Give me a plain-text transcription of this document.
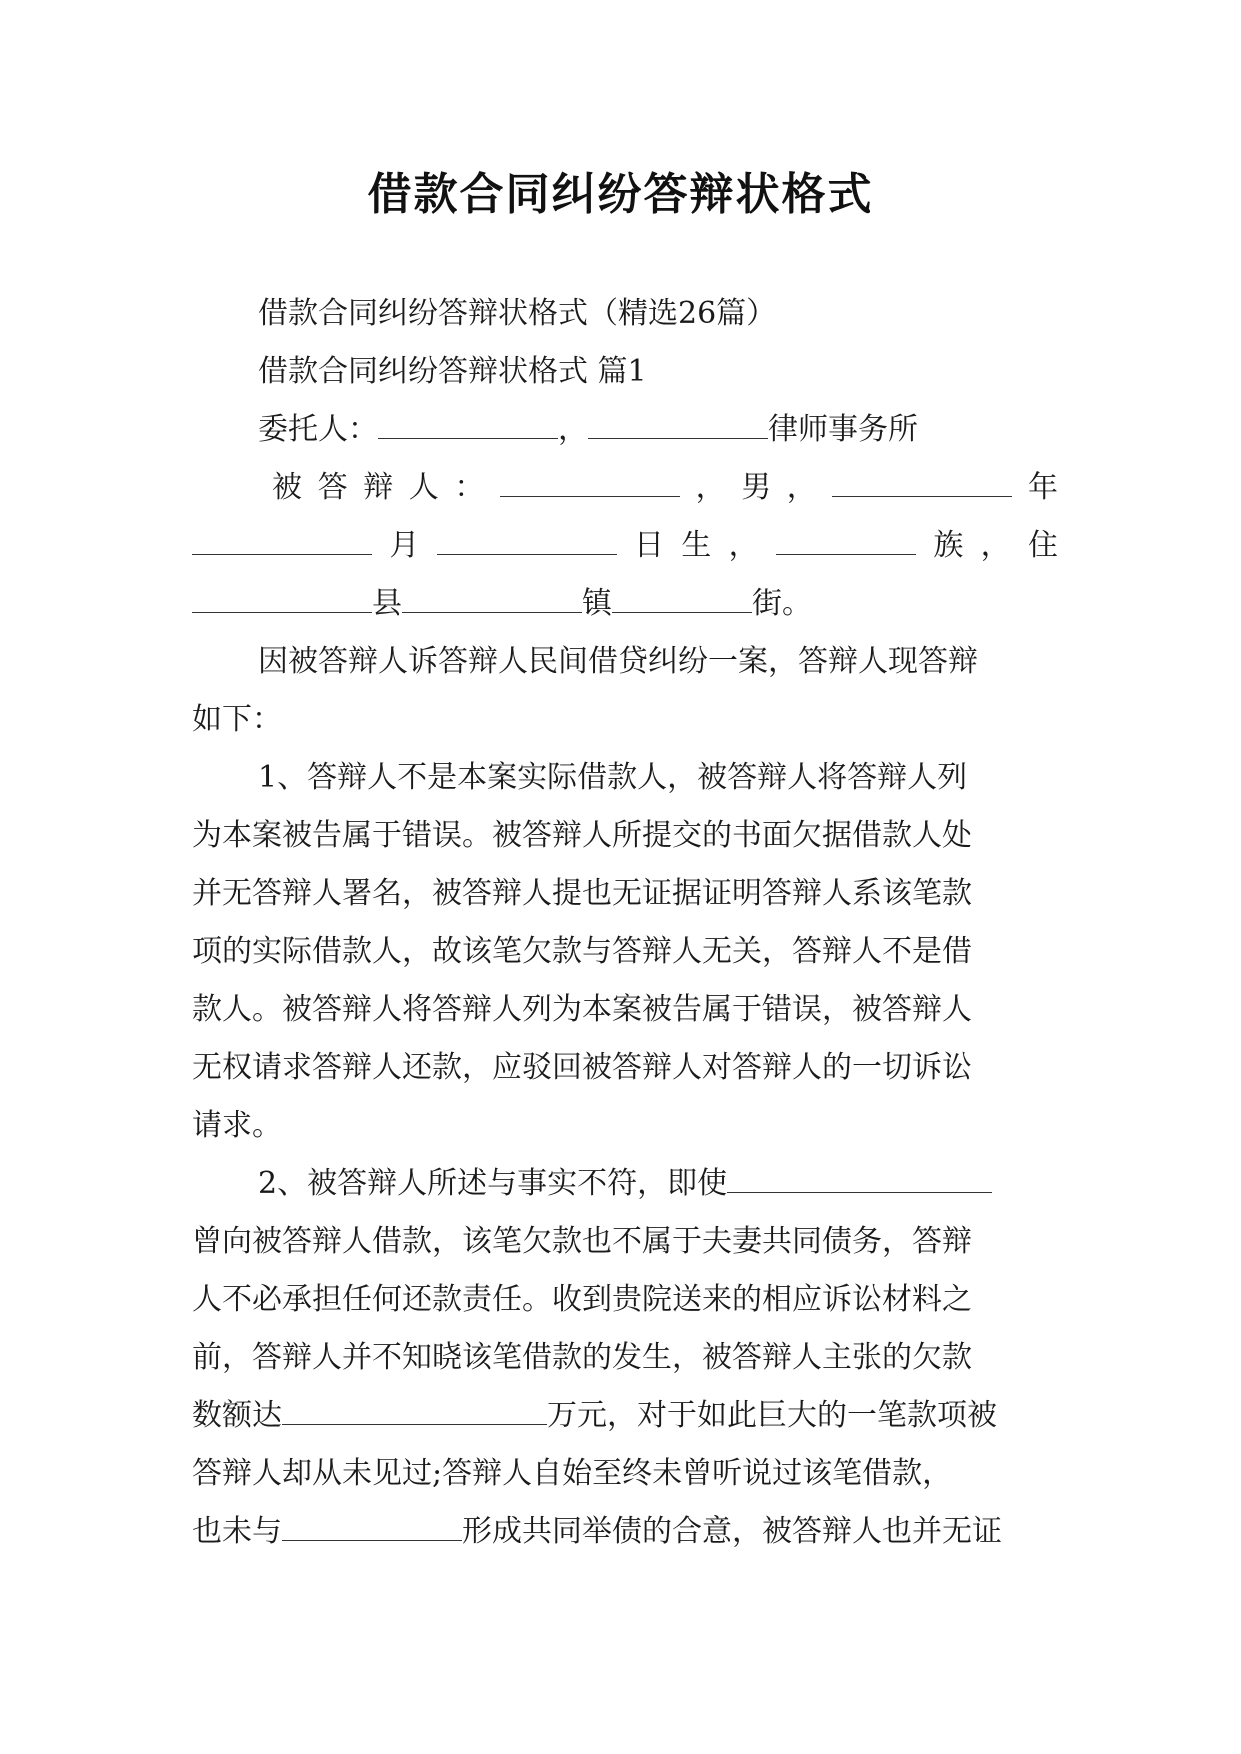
借款合同纠纷答辩状格式
借款合同纠纷答辩状格式（精选26篇）
借款合同纠纷答辩状格式 篇1
委托人：	，	律师事务所
被答辩人：	，男，	年
月	日生，	族，住
县	镇	街。
因被答辩人诉答辩人民间借贷纠纷一案，答辩人现答辩
如下：
1、答辩人不是本案实际借款人，被答辩人将答辩人列
为本案被告属于错误。被答辩人所提交的书面欠据借款人处
并无答辩人署名，被答辩人提也无证据证明答辩人系该笔款
项的实际借款人，故该笔欠款与答辩人无关，答辩人不是借
款人。被答辩人将答辩人列为本案被告属于错误，被答辩人
无权请求答辩人还款，应驳回被答辩人对答辩人的一切诉讼
请求。
2、被答辩人所述与事实不符，即使
曾向被答辩人借款，该笔欠款也不属于夫妻共同债务，答辩
人不必承担任何还款责任。收到贵院送来的相应诉讼材料之
前，答辩人并不知晓该笔借款的发生，被答辩人主张的欠款
数额达	万元，对于如此巨大的一笔款项被
答辩人却从未见过;答辩人自始至终未曾听说过该笔借款，
也未与	形成共同举债的合意，被答辩人也并无证
